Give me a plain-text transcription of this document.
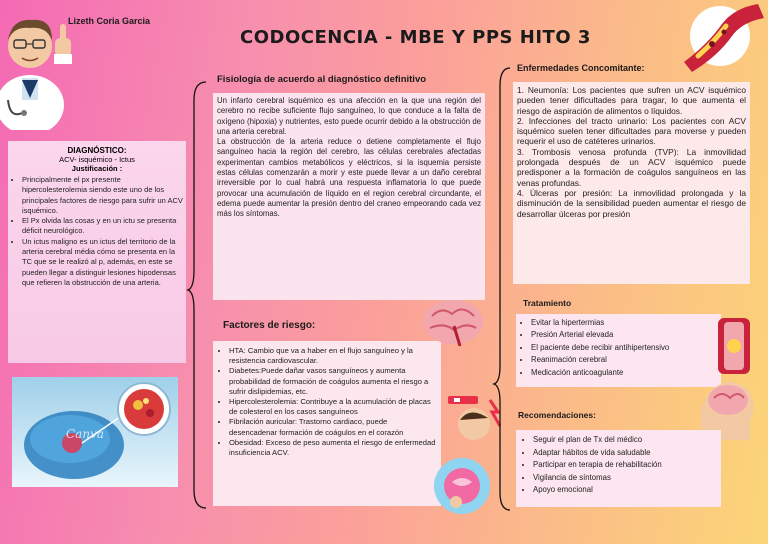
Lizeth Coria Garcia
CODOCENCIA - MBE Y PPS HITO 3
DIAGNÓSTICO:
ACV- isquémico - Ictus
Justificación :
• Principalmente el px presente hipercolesterolemia siendo este uno de los principales factores de riesgo para sufrir un ACV isquémico.
• El Px olvida las cosas y en un ictu se presenta déficit neurológico.
• Un ictus maligno es un ictus del territorio de la arteria cerebral média cómo se presenta en la TC que se le realizó al p, además, en este se pueden llegar a distinguir lesiones hipodensas que refieren la obstrucción de una arteria.
Canva
Fisiología de acuerdo al diagnóstico definitivo
Un infarto cerebral isquémico es una afección en la que una región del cerebro no recibe suficiente flujo sanguíneo, lo que conduce a la falta de oxígeno (hipoxia) y nutrientes, esto puede ocurrir debido a la obstrucción de una arteria cerebral.
La obstrucción de la arteria reduce o detiene completamente el flujo sanguíneo hacia la región del cerebro, las células cerebrales afectadas experimentan cambios metabólicos y eléctricos, si la isquemia persiste estas células comenzarán a morir y este puede llevar a un daño cerebral irreversible por lo cual habrá una respuesta inflamatoria lo que puede provocar una acumulación de líquido en el region cerebral circundante, el edema puede aumentar la presión dentro del craneo empeorando cada vez más los síntomas.
Factores de riesgo:
• HTA: Cambio que va a haber en el flujo sanguíneo y la resistencia cardiovascular.
• Diabetes:Puede dañar vasos sanguíneos y aumenta probabilidad de formación de coágulos aumenta el riesgo a sufrir dislipidemias, etc.
• Hipercolesterolemia: Contribuye a la acumulación de placas de colesterol en los casos sanguíneos
• Fibrilación auricular: Trastorno cardiaco, puede desencadenar formación de coágulos en el corazón
• Obesidad: Exceso de peso aumenta el riesgo de enfermedad insuficiencia ACV.
Enfermedades Concomitante:
1. Neumonía: Los pacientes que sufren un ACV isquémico pueden tener dificultades para tragar, lo que aumenta el riesgo de aspiración de alimentos o líquidos.
2. Infecciones del tracto urinario: Los pacientes con ACV isquémico suelen tener dificultades para moverse y pueden requerir el uso de catéteres urinarios.
3. Trombosis venosa profunda (TVP): La inmovilidad prolongada después de un ACV isquémico puede predisponer a la formación de coágulos sanguíneos en las venas profundas.
4. Úlceras por presión: La inmovilidad prolongada y la disminución de la sensibilidad pueden aumentar el riesgo de desarrollar úlceras por presión
Tratamiento
• Evitar la hipertermias
• Presión Arterial elevada
• El paciente debe recibir antihipertensivo
• Reanimación cerebral
• Medicación anticoagulante
Recomendaciones:
• Seguir el plan de Tx del médico
• Adaptar hábitos de vida saludable
• Participar en terapia de rehabilitación
• Vigilancia de síntomas
• Apoyo emocional
